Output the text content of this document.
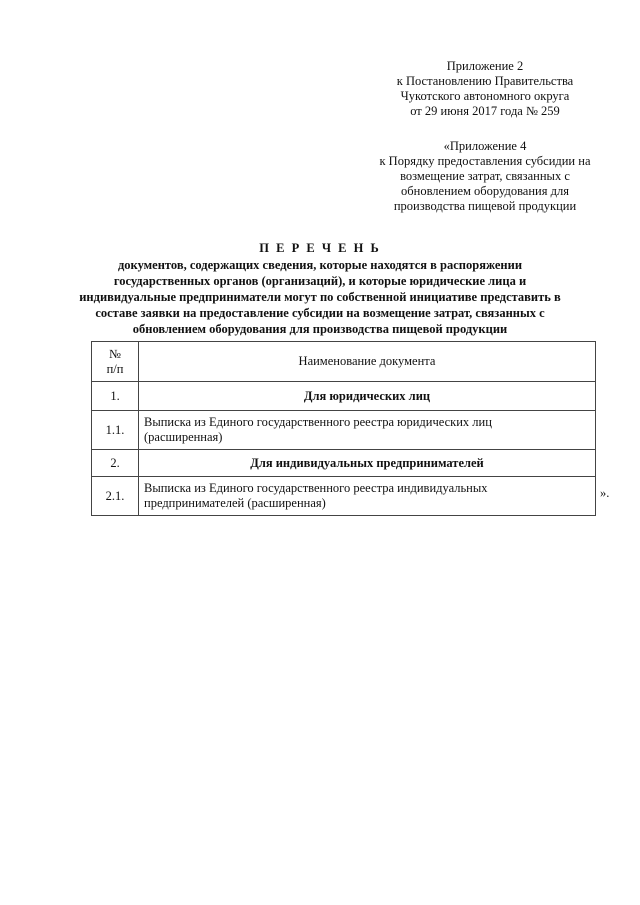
Приложение 2
к Постановлению Правительства
Чукотского автономного округа
от 29 июня 2017 года № 259
«Приложение 4
к Порядку предоставления субсидии на
возмещение затрат, связанных с
обновлением оборудования для
производства пищевой продукции
П Е Р Е Ч Е Н Ь
документов, содержащих сведения, которые находятся в распоряжении
государственных органов (организаций), и которые юридические лица и
индивидуальные предприниматели могут по собственной инициативе представить в
составе заявки на предоставление субсидии на возмещение затрат, связанных с
обновлением оборудования для производства пищевой продукции
№
п/п	Наименование документа
1.	Для юридических лиц
1.1.	Выписка из Единого государственного реестра юридических лиц
(расширенная)

2.	Для индивидуальных предпринимателей
2.1.	Выписка из Единого государственного реестра индивидуальных
предпринимателей (расширенная)
».
